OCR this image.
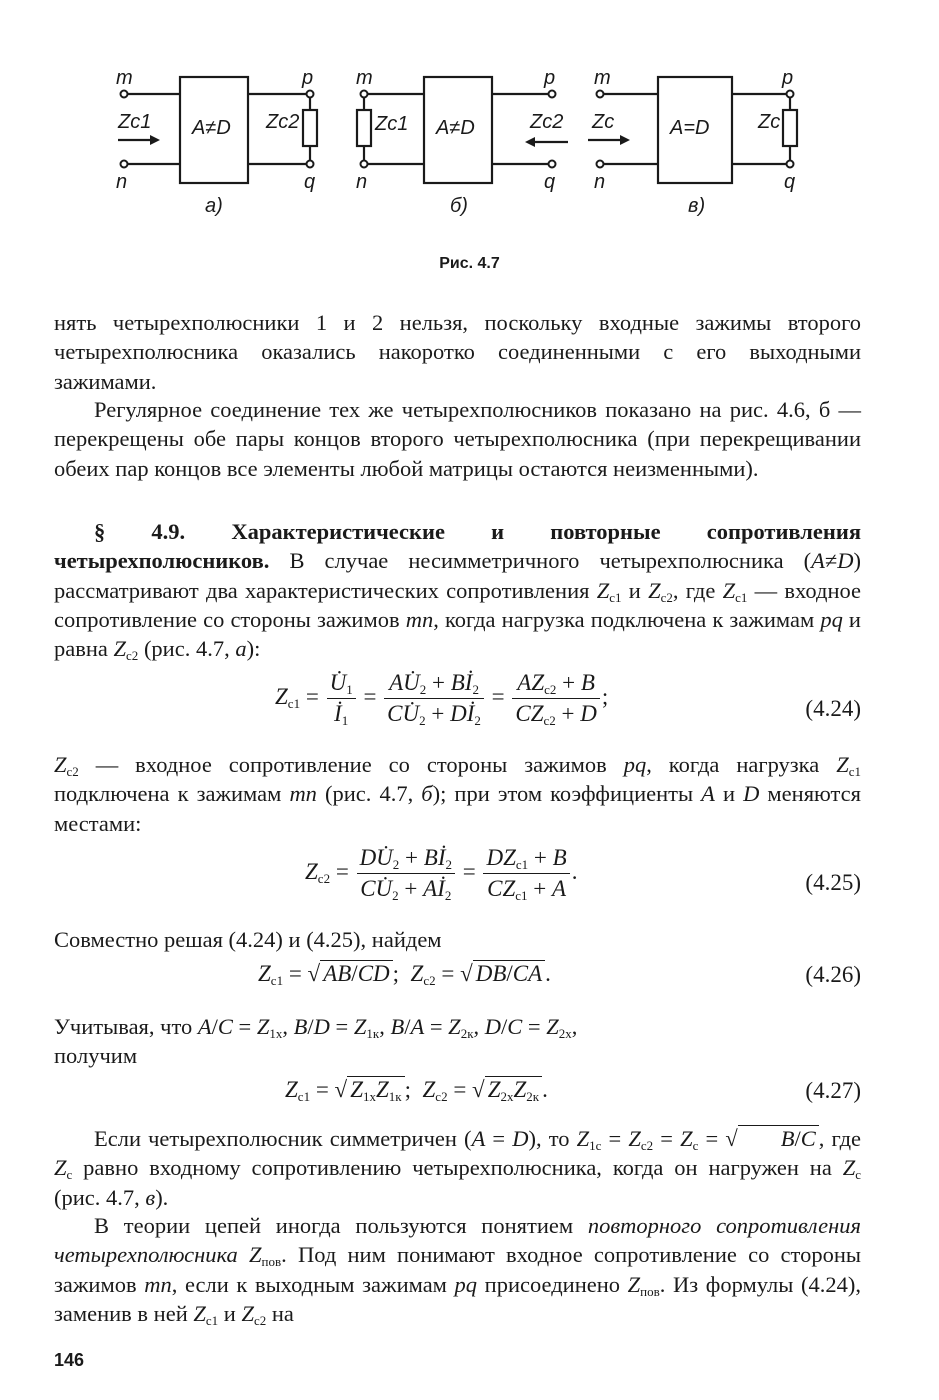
m
n
p
q
A≠D
Zc1	Zc2
a)
m
n
p
q
A≠D
Zc1	Zc2
б)
m
n
p
q
A=D
Zc	Zc
в)
Рис. 4.7

нять четырехполюсники 1 и 2 нельзя, поскольку входные зажимы второго четырехполюсника оказались накоротко соединенными с его выходными зажимами.

Регулярное соединение тех же четырехполюсников показано на рис. 4.6, б — перекрещены обе пары концов второго четырехполюсника (при перекрещивании обеих пар концов все элементы любой матрицы остаются неизменными).

§ 4.9. Характеристические и повторные сопротивления четырехполюсников. В случае несимметричного четырехполюсника (A≠D) рассматривают два характеристических сопротивления $Z_{c1}$ и $Z_{c2}$, где $Z_{c1}$ — входное сопротивление со стороны зажимов mn, когда нагрузка подключена к зажимам pq и равна $Z_{c2}$ (рис. 4.7, а):

$Z_{c1} = \frac{U̇_1}{İ_1} = \frac{AU̇_2 + Bİ_2}{CU̇_2 + Dİ_2} = \frac{AZ_{c2} + B}{CZ_{c2} + D}$ ;	(4.24)

$Z_{c2}$ — входное сопротивление со стороны зажимов pq, когда нагрузка $Z_{c1}$ подключена к зажимам mn (рис. 4.7, б); при этом коэффициенты A и D меняются местами:

$Z_{c2} = \frac{DU̇_2 + Bİ_2}{CU̇_2 + Aİ_2} = \frac{DZ_{c1} + B}{CZ_{c1} + A}$ .	(4.25)

Совместно решая (4.24) и (4.25), найдем

$Z_{c1}$ = √ AB/CD ;  $Z_{c2}$ = √ DB/CA .	(4.26)

Учитывая, что $A/C = Z_{1х}$, $B/D = Z_{1к}$, $B/A = Z_{2к}$, $D/C = Z_{2х}$,
получим

$Z_{c1}$ = √ $Z_{1х}Z_{1к}$ ;  $Z_{c2}$ = √ $Z_{2х}Z_{2к}$ .	(4.27)

Если четырехполюсник симметричен (A = D), то $Z_{1c} = Z_{c2} = Z_c$ = √ B/C , где $Z_c$ равно входному сопротивлению четырехполюсника, когда он нагружен на $Z_c$ (рис. 4.7, в).

В теории цепей иногда пользуются понятием повторного сопротивления четырехполюсника $Z_{пов}$. Под ним понимают входное сопротивление со стороны зажимов mn, если к выходным зажимам pq присоединено $Z_{пов}$. Из формулы (4.24), заменив в ней $Z_{c1}$ и $Z_{c2}$ на

146
